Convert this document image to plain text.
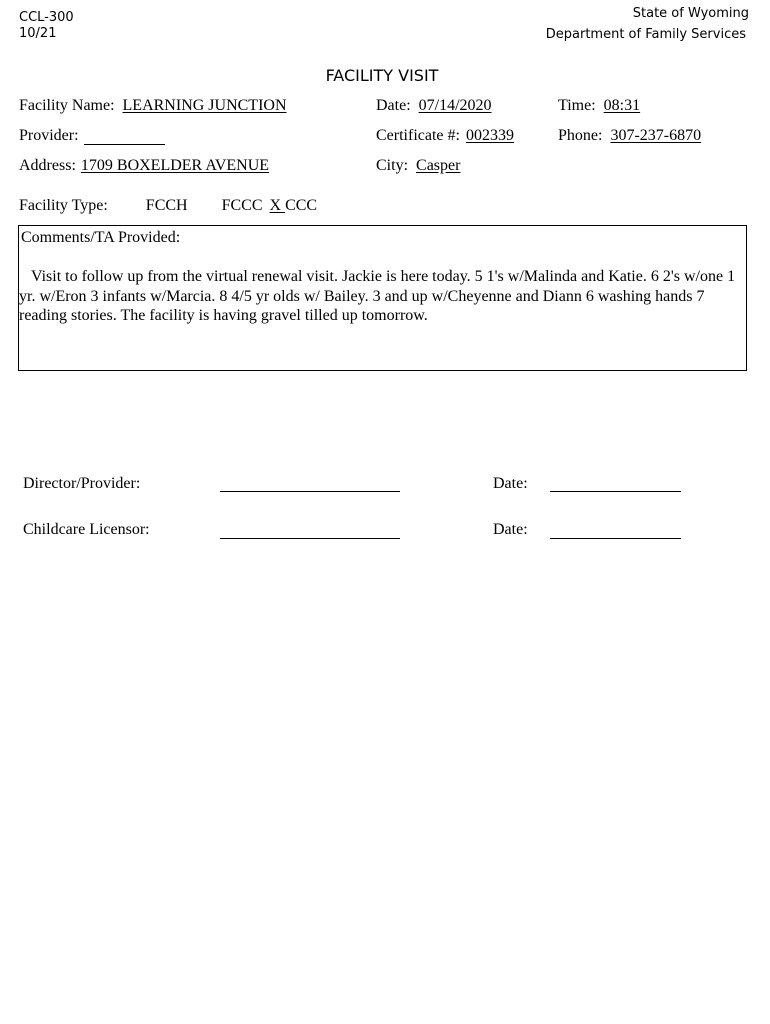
CCL-300
10/21
State of Wyoming
Department of Family Services
FACILITY VISIT
Facility Name: LEARNING JUNCTION	Date: 07/14/2020	Time: 08:31
Provider:	Certificate #: 002339	Phone: 307-237-6870
Address: 1709 BOXELDER AVENUE	City: Casper
Facility Type: FCCH FCCC X CCC
Comments/TA Provided:
Visit to follow up from the virtual renewal visit. Jackie is here today. 5 1's w/Malinda and Katie. 6 2's w/one 1 yr. w/Eron 3 infants w/Marcia. 8 4/5 yr olds w/ Bailey. 3 and up w/Cheyenne and Diann 6 washing hands 7 reading stories. The facility is having gravel tilled up tomorrow.
Director/Provider:	Date:
Childcare Licensor:	Date:
